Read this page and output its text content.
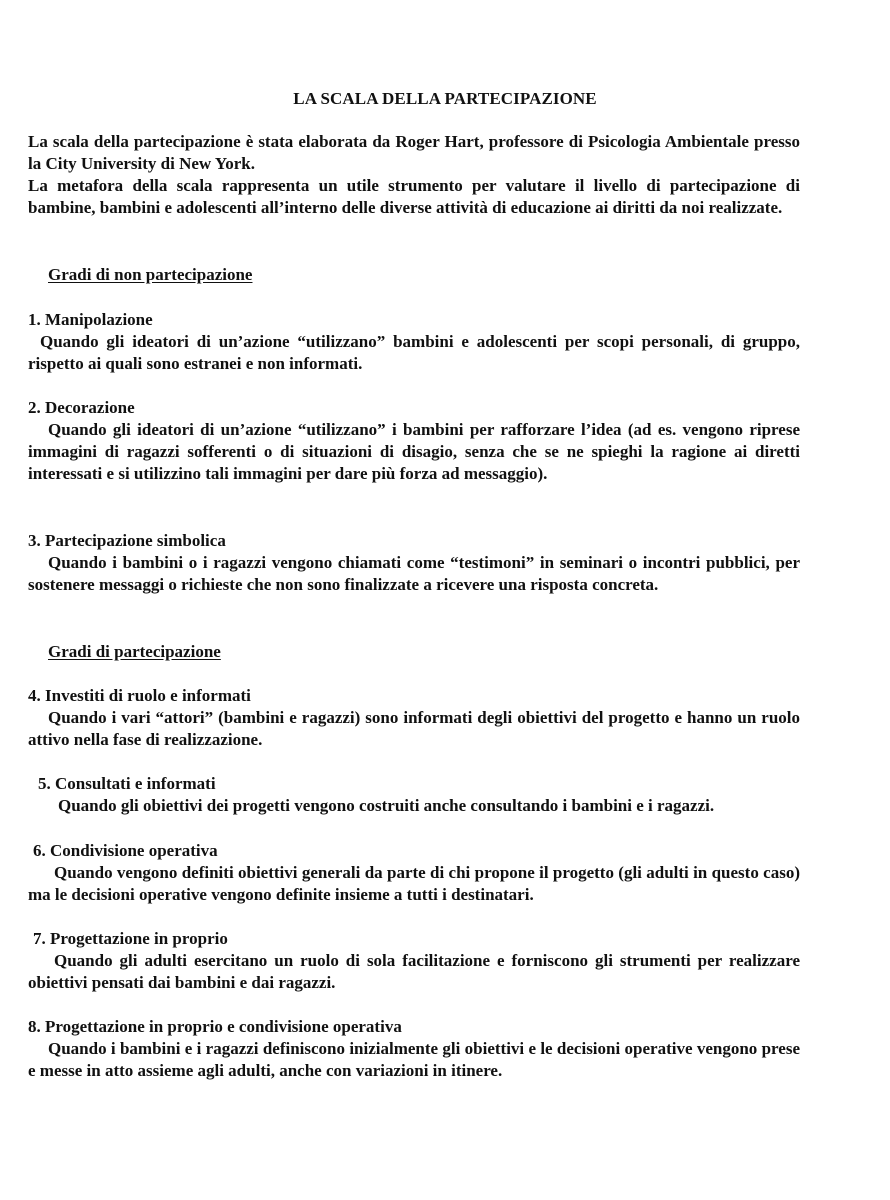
LA SCALA DELLA PARTECIPAZIONE

La scala della partecipazione è stata elaborata da Roger Hart, professore di Psicologia Ambientale presso la City University di New York.

La metafora della scala rappresenta un utile strumento per valutare il livello di partecipazione di bambine, bambini e adolescenti all’interno delle diverse attività di educazione ai diritti da noi realizzate.

Gradi di non partecipazione
1. Manipolazione
Quando gli ideatori di un’azione “utilizzano” bambini e adolescenti per scopi personali, di gruppo, rispetto ai quali sono estranei e non informati.
2. Decorazione
Quando gli ideatori di un’azione “utilizzano” i bambini per rafforzare l’idea (ad es. vengono riprese immagini di ragazzi sofferenti o di situazioni di disagio, senza che se ne spieghi la ragione ai diretti interessati e si utilizzino tali immagini per dare più forza ad messaggio).
3. Partecipazione simbolica
Quando i bambini o i ragazzi vengono chiamati come “testimoni” in seminari o incontri pubblici, per sostenere messaggi o richieste che non sono finalizzate a ricevere una risposta concreta.
Gradi di partecipazione
4. Investiti di ruolo e informati
Quando i vari “attori” (bambini e ragazzi) sono informati degli obiettivi del progetto e hanno un ruolo attivo nella fase di realizzazione.
5. Consultati e informati
Quando gli obiettivi dei progetti vengono costruiti anche consultando i bambini e i ragazzi.
6. Condivisione operativa
Quando vengono definiti obiettivi generali da parte di chi propone il progetto (gli adulti in questo caso) ma le decisioni operative vengono definite insieme a tutti i destinatari.
7. Progettazione in proprio
Quando gli adulti esercitano un ruolo di sola facilitazione e forniscono gli strumenti per realizzare obiettivi pensati dai bambini e dai ragazzi.
8. Progettazione in proprio e condivisione operativa
Quando i bambini e i ragazzi definiscono inizialmente gli obiettivi e le decisioni operative vengono prese e messe in atto assieme agli adulti, anche con variazioni in itinere.
